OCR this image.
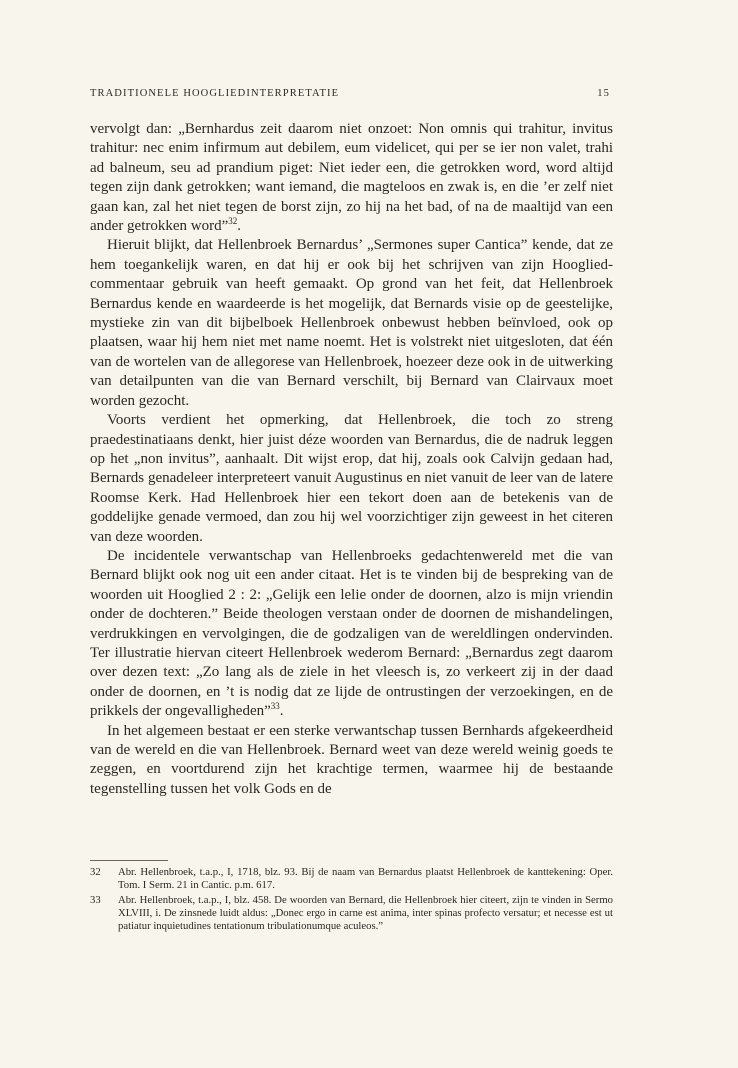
TRADITIONELE HOOGLIEDINTERPRETATIE	15

vervolgt dan: „Bernhardus zeit daarom niet onzoet: Non omnis qui trahitur, invitus trahitur: nec enim infirmum aut debilem, eum videlicet, qui per se ier non valet, trahi ad balneum, seu ad prandium piget: Niet ieder een, die getrokken word, word altijd tegen zijn dank getrokken; want iemand, die magteloos en zwak is, en die ’er zelf niet gaan kan, zal het niet tegen de borst zijn, zo hij na het bad, of na de maaltijd van een ander getrokken word”$^{32}$.

Hieruit blijkt, dat Hellenbroek Bernardus’ „Sermones super Cantica” kende, dat ze hem toegankelijk waren, en dat hij er ook bij het schrijven van zijn Hoogliedcommentaar gebruik van heeft gemaakt. Op grond van het feit, dat Hellenbroek Bernardus kende en waardeerde is het mogelijk, dat Bernards visie op de geestelijke, mystieke zin van dit bijbelboek Hellenbroek onbewust hebben beïnvloed, ook op plaatsen, waar hij hem niet met name noemt. Het is volstrekt niet uitgesloten, dat één van de wortelen van de allegorese van Hellenbroek, hoezeer deze ook in de uitwerking van detailpunten van die van Bernard verschilt, bij Bernard van Clairvaux moet worden gezocht.

Voorts verdient het opmerking, dat Hellenbroek, die toch zo streng praedestinatiaans denkt, hier juist déze woorden van Bernardus, die de nadruk leggen op het „non invitus”, aanhaalt. Dit wijst erop, dat hij, zoals ook Calvijn gedaan had, Bernards genadeleer interpreteert vanuit Augustinus en niet vanuit de leer van de latere Roomse Kerk. Had Hellenbroek hier een tekort doen aan de betekenis van de goddelijke genade vermoed, dan zou hij wel voorzichtiger zijn geweest in het citeren van deze woorden.

De incidentele verwantschap van Hellenbroeks gedachtenwereld met die van Bernard blijkt ook nog uit een ander citaat. Het is te vinden bij de bespreking van de woorden uit Hooglied 2 : 2: „Gelijk een lelie onder de doornen, alzo is mijn vriendin onder de dochteren.” Beide theologen verstaan onder de doornen de mishandelingen, verdrukkingen en vervolgingen, die de godzaligen van de wereldlingen ondervinden. Ter illustratie hiervan citeert Hellenbroek wederom Bernard: „Bernardus zegt daarom over dezen text: „Zo lang als de ziele in het vleesch is, zo verkeert zij in der daad onder de doornen, en ’t is nodig dat ze lijde de ontrustingen der verzoekingen, en de prikkels der ongevalligheden”$^{33}$.

In het algemeen bestaat er een sterke verwantschap tussen Bernhards afgekeerdheid van de wereld en die van Hellenbroek. Bernard weet van deze wereld weinig goeds te zeggen, en voortdurend zijn het krachtige termen, waarmee hij de bestaande tegenstelling tussen het volk Gods en de

32	Abr. Hellenbroek, t.a.p., I, 1718, blz. 93. Bij de naam van Bernardus plaatst Hellenbroek de kanttekening: Oper. Tom. I Serm. 21 in Cantic. p.m. 617.
33	Abr. Hellenbroek, t.a.p., I, blz. 458. De woorden van Bernard, die Hellenbroek hier citeert, zijn te vinden in Sermo XLVIII, i. De zinsnede luidt aldus: „Donec ergo in carne est anima, inter spinas profecto versatur; et necesse est ut patiatur inquietudines tentationum tribulationumque aculeos.”
